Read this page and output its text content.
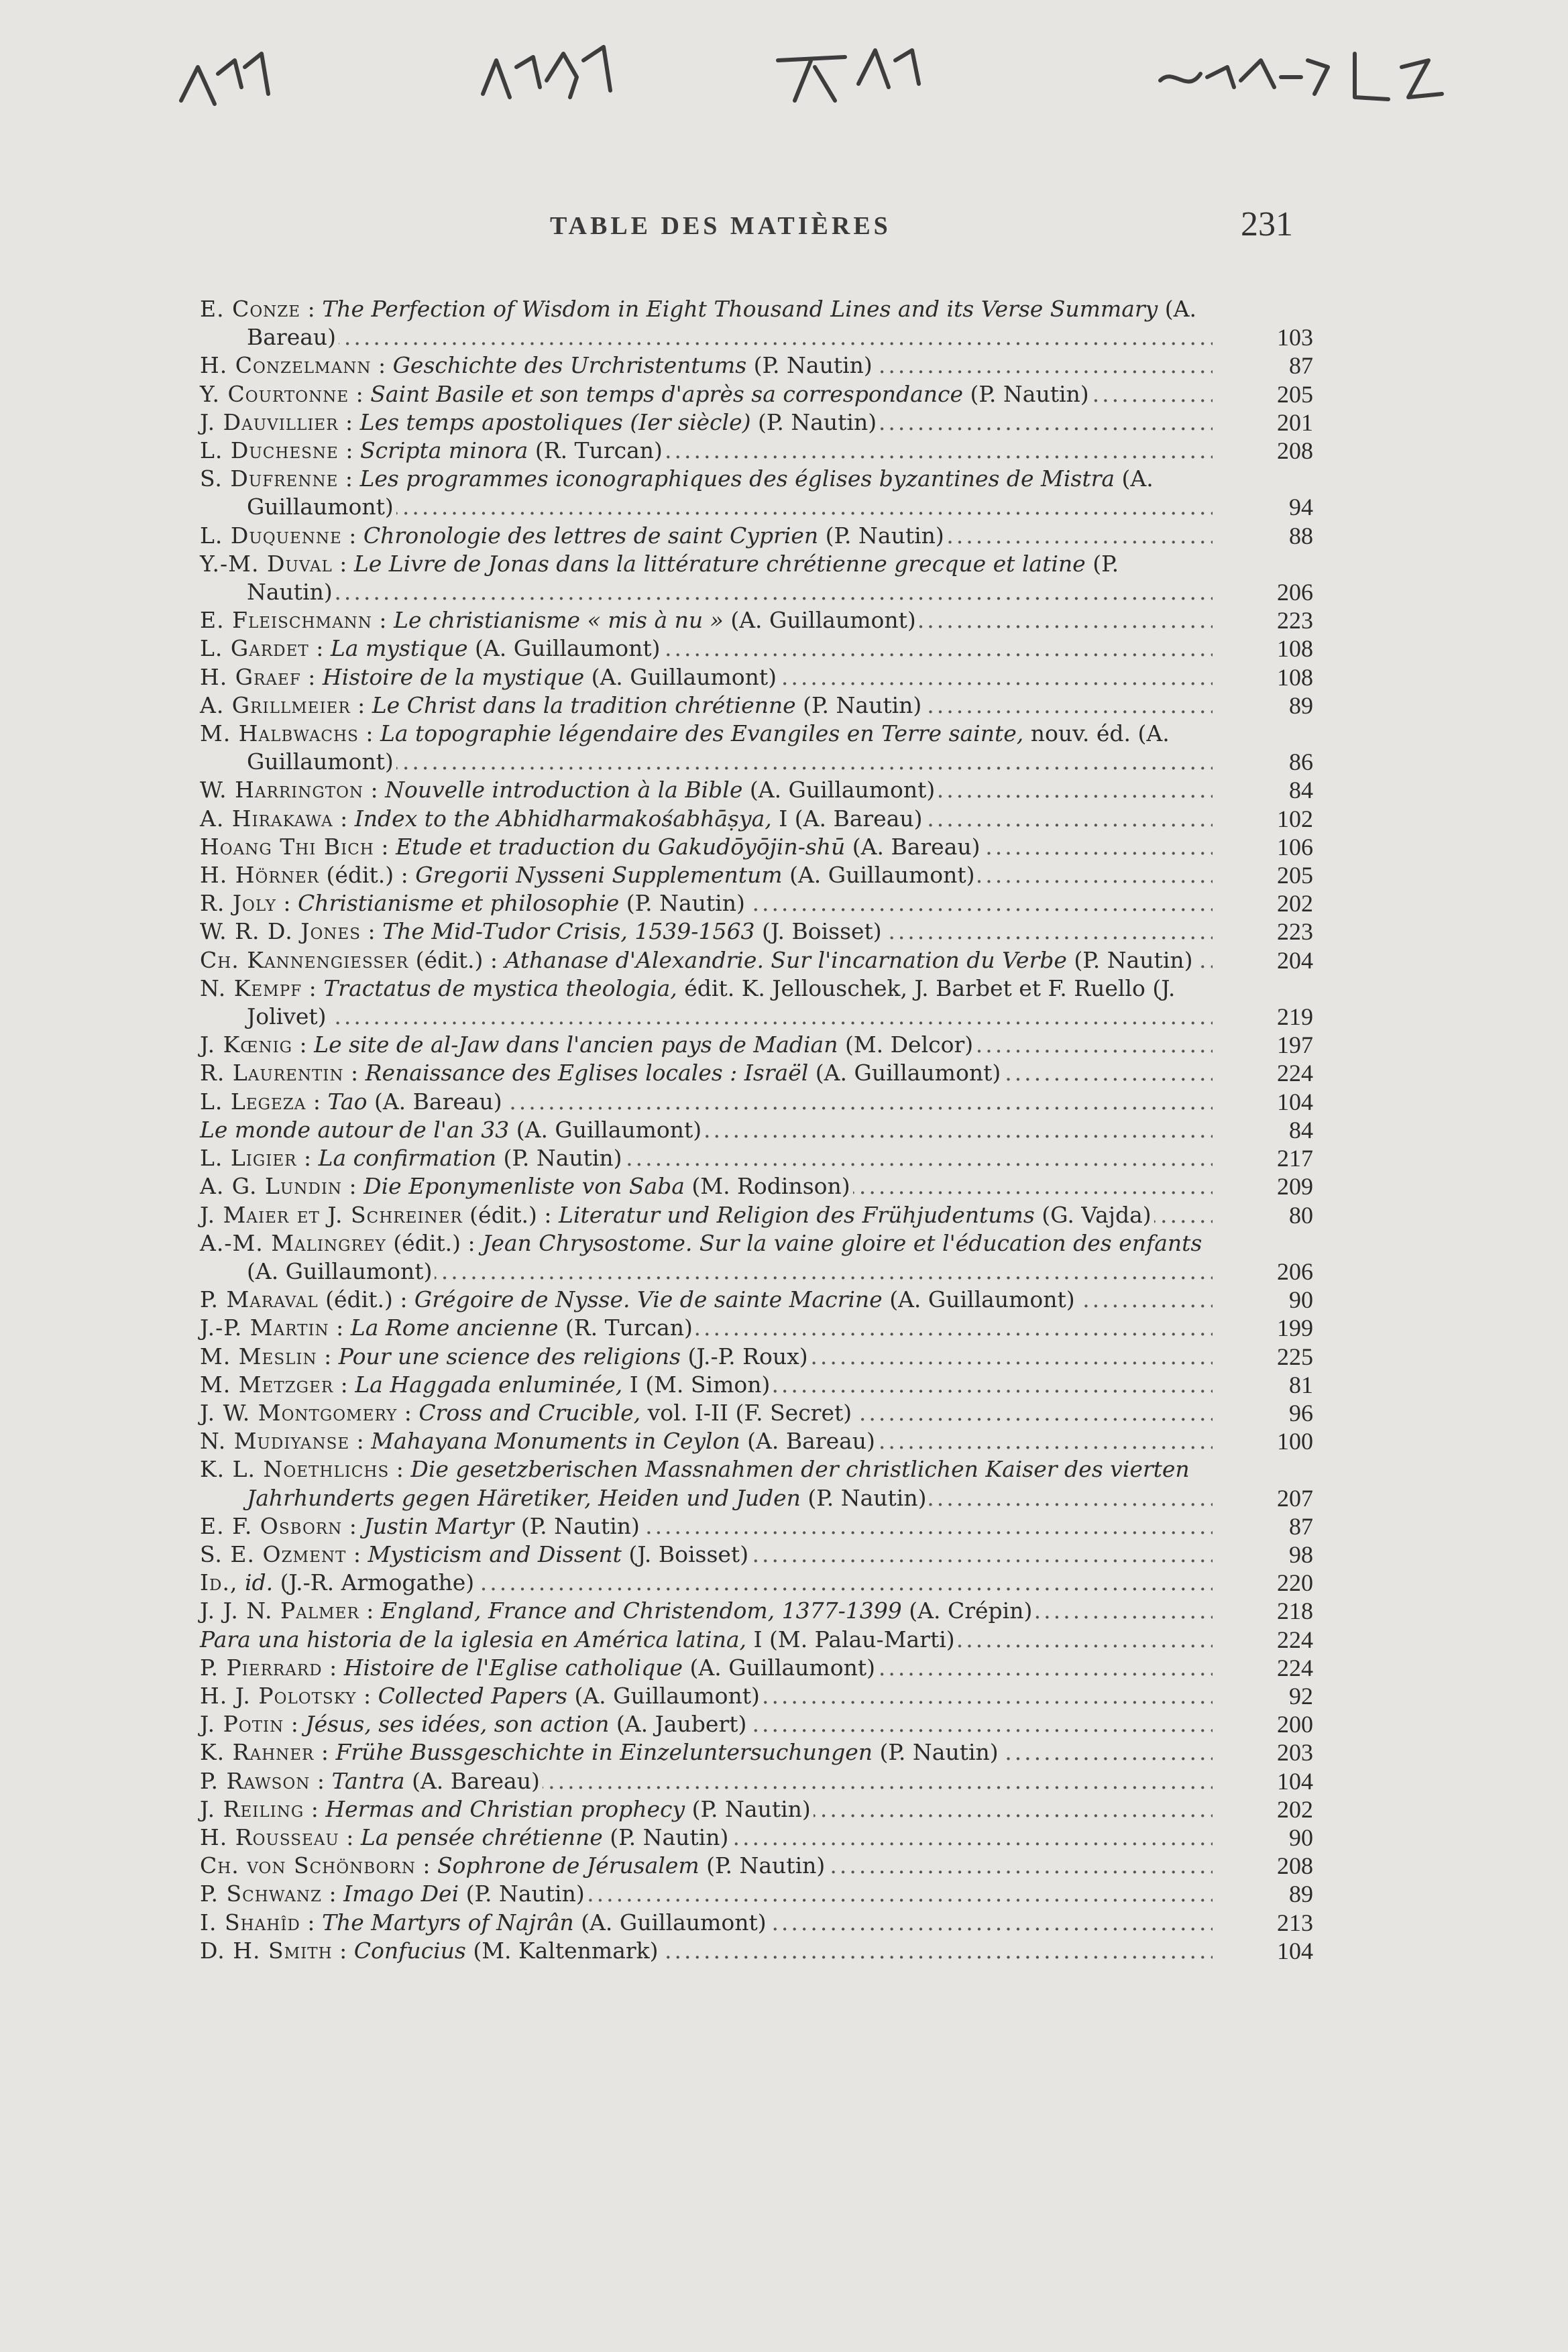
TABLE DES MATIÈRES	231
.....
E. Conze : The Perfection of Wisdom in Eight Thousand Lines and its Verse Summary (A. Bareau)	103
.....
H. Conzelmann : Geschichte des Urchristentums (P. Nautin)	87
.....
Y. Courtonne : Saint Basile et son temps d'après sa correspondance (P. Nautin)	205
.....
J. Dauvillier : Les temps apostoliques (Ier siècle) (P. Nautin)	201
.....
L. Duchesne : Scripta minora (R. Turcan)	208
.....
S. Dufrenne : Les programmes iconographiques des églises byzantines de Mistra (A. Guillaumont)	94
.....
L. Duquenne : Chronologie des lettres de saint Cyprien (P. Nautin)	88
.....
Y.-M. Duval : Le Livre de Jonas dans la littérature chrétienne grecque et latine (P. Nautin)	206
.....
E. Fleischmann : Le christianisme « mis à nu » (A. Guillaumont)	223
.....
L. Gardet : La mystique (A. Guillaumont)	108
.....
H. Graef : Histoire de la mystique (A. Guillaumont)	108
.....
A. Grillmeier : Le Christ dans la tradition chrétienne (P. Nautin)	89
.....
M. Halbwachs : La topographie légendaire des Evangiles en Terre sainte, nouv. éd. (A. Guillaumont)	86
.....
W. Harrington : Nouvelle introduction à la Bible (A. Guillaumont)	84
.....
A. Hirakawa : Index to the Abhidharmakośabhāṣya, I (A. Bareau)	102
.....
Hoang Thi Bich : Etude et traduction du Gakudōyōjin-shū (A. Bareau)	106
.....
H. Hörner (édit.) : Gregorii Nysseni Supplementum (A. Guillaumont)	205
.....
R. Joly : Christianisme et philosophie (P. Nautin)	202
.....
W. R. D. Jones : The Mid-Tudor Crisis, 1539-1563 (J. Boisset)	223
.....
Ch. Kannengiesser (édit.) : Athanase d'Alexandrie. Sur l'incarnation du Verbe (P. Nautin)	204
.....
N. Kempf : Tractatus de mystica theologia, édit. K. Jellouschek, J. Barbet et F. Ruello (J. Jolivet)	219
.....
J. Kœnig : Le site de al-Jaw dans l'ancien pays de Madian (M. Delcor)	197
.....
R. Laurentin : Renaissance des Eglises locales : Israël (A. Guillaumont)	224
.....
L. Legeza : Tao (A. Bareau)	104
.....
Le monde autour de l'an 33 (A. Guillaumont)	84
.....
L. Ligier : La confirmation (P. Nautin)	217
.....
A. G. Lundin : Die Eponymenliste von Saba (M. Rodinson)	209
.....
J. Maier et J. Schreiner (édit.) : Literatur und Religion des Frühjudentums (G. Vajda)	80
.....
A.-M. Malingrey (édit.) : Jean Chrysostome. Sur la vaine gloire et l'éducation des enfants (A. Guillaumont)	206
.....
P. Maraval (édit.) : Grégoire de Nysse. Vie de sainte Macrine (A. Guillaumont)	90
.....
J.-P. Martin : La Rome ancienne (R. Turcan)	199
.....
M. Meslin : Pour une science des religions (J.-P. Roux)	225
.....
M. Metzger : La Haggada enluminée, I (M. Simon)	81
.....
J. W. Montgomery : Cross and Crucible, vol. I-II (F. Secret)	96
.....
N. Mudiyanse : Mahayana Monuments in Ceylon (A. Bareau)	100
.....
K. L. Noethlichs : Die gesetzberischen Massnahmen der christlichen Kaiser des vierten Jahrhunderts gegen Häretiker, Heiden und Juden (P. Nautin)	207
.....
E. F. Osborn : Justin Martyr (P. Nautin)	87
.....
S. E. Ozment : Mysticism and Dissent (J. Boisset)	98
.....
Id., id. (J.-R. Armogathe)	220
.....
J. J. N. Palmer : England, France and Christendom, 1377-1399 (A. Crépin)	218
.....
Para una historia de la iglesia en América latina, I (M. Palau-Marti)	224
.....
P. Pierrard : Histoire de l'Eglise catholique (A. Guillaumont)	224
.....
H. J. Polotsky : Collected Papers (A. Guillaumont)	92
.....
J. Potin : Jésus, ses idées, son action (A. Jaubert)	200
.....
K. Rahner : Frühe Bussgeschichte in Einzeluntersuchungen (P. Nautin)	203
.....
P. Rawson : Tantra (A. Bareau)	104
.....
J. Reiling : Hermas and Christian prophecy (P. Nautin)	202
.....
H. Rousseau : La pensée chrétienne (P. Nautin)	90
.....
Ch. von Schönborn : Sophrone de Jérusalem (P. Nautin)	208
.....
P. Schwanz : Imago Dei (P. Nautin)	89
.....
I. Shahîd : The Martyrs of Najrân (A. Guillaumont)	213
.....
D. H. Smith : Confucius (M. Kaltenmark)	104
